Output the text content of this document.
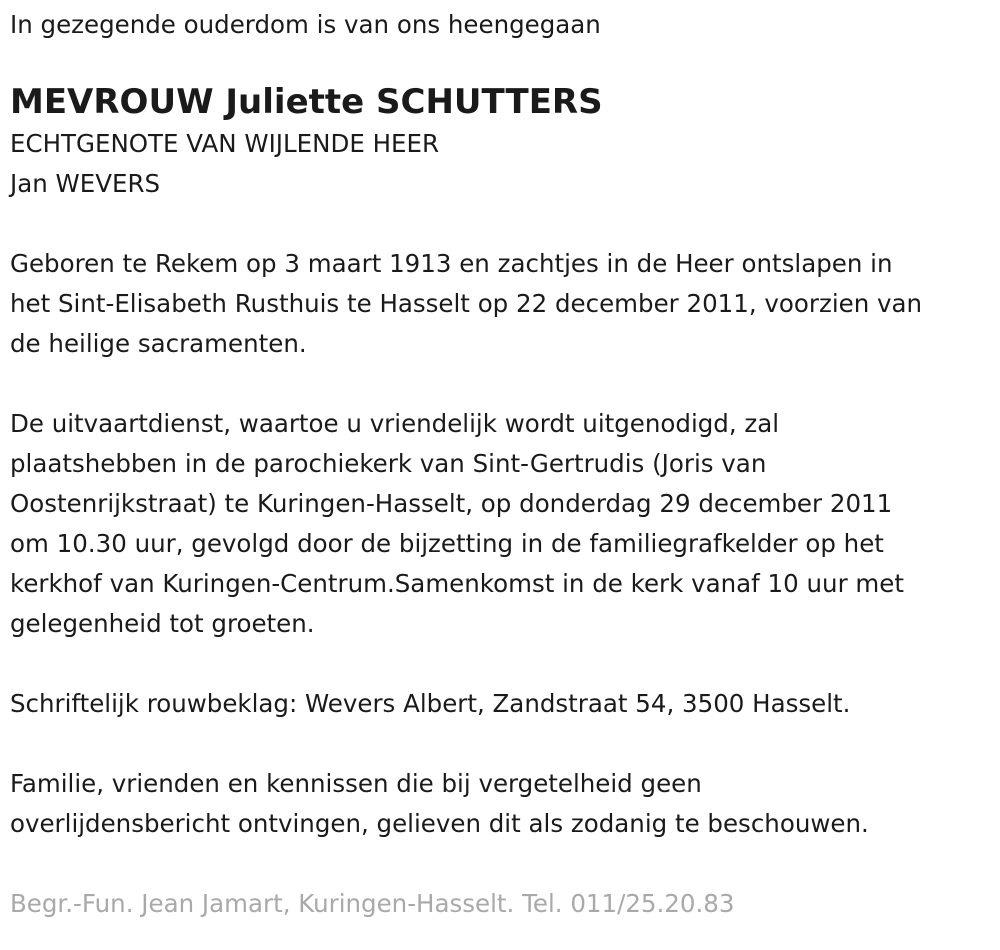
In gezegende ouderdom is van ons heengegaan

MEVROUW Juliette SCHUTTERS

ECHTGENOTE VAN WIJLENDE HEER

Jan WEVERS

Geboren te Rekem op 3 maart 1913 en zachtjes in de Heer ontslapen in

het Sint-Elisabeth Rusthuis te Hasselt op 22 december 2011, voorzien van

de heilige sacramenten.

De uitvaartdienst, waartoe u vriendelijk wordt uitgenodigd, zal

plaatshebben in de parochiekerk van Sint-Gertrudis (Joris van

Oostenrijkstraat) te Kuringen-Hasselt, op donderdag 29 december 2011

om 10.30 uur, gevolgd door de bijzetting in de familiegrafkelder op het

kerkhof van Kuringen-Centrum.Samenkomst in de kerk vanaf 10 uur met

gelegenheid tot groeten.

Schriftelijk rouwbeklag: Wevers Albert, Zandstraat 54, 3500 Hasselt.

Familie, vrienden en kennissen die bij vergetelheid geen

overlijdensbericht ontvingen, gelieven dit als zodanig te beschouwen.

Begr.-Fun. Jean Jamart, Kuringen-Hasselt. Tel. 011/25.20.83
